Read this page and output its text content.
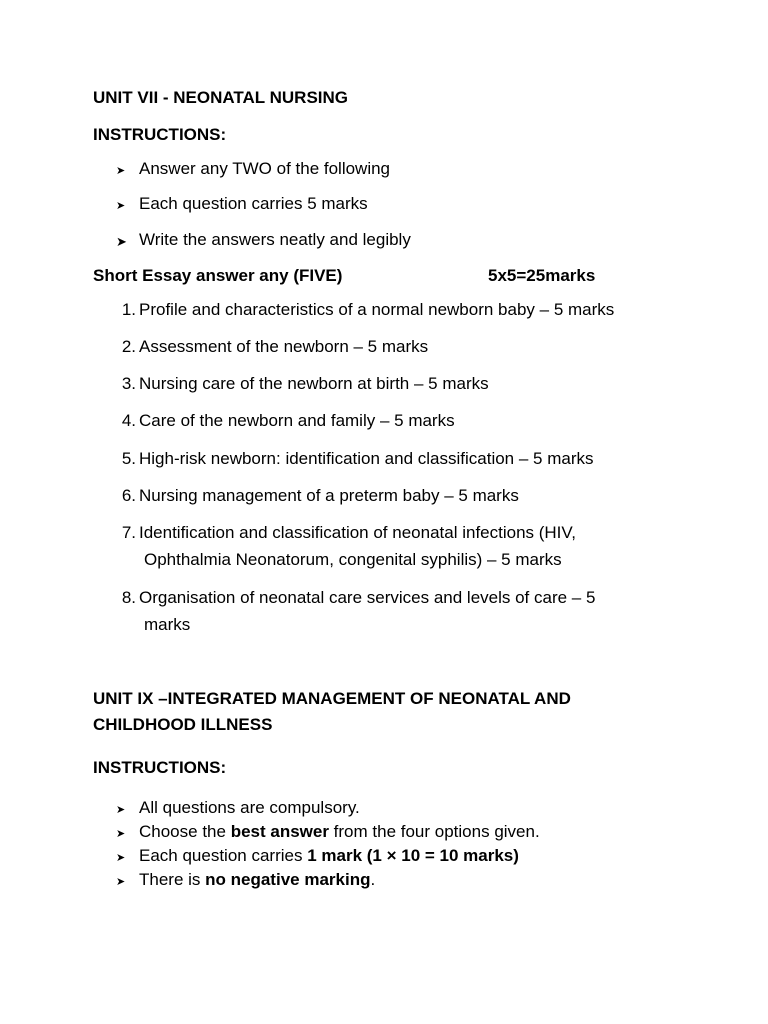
UNIT VII - NEONATAL NURSING
INSTRUCTIONS:
➤ Answer any TWO of the following
➤ Each question carries 5 marks
➤ Write the answers neatly and legibly
Short Essay answer any (FIVE)	5x5=25marks
1. Profile and characteristics of a normal newborn baby – 5 marks
2. Assessment of the newborn – 5 marks
3. Nursing care of the newborn at birth – 5 marks
4. Care of the newborn and family – 5 marks
5. High-risk newborn: identification and classification – 5 marks
6. Nursing management of a preterm baby – 5 marks
7. Identification and classification of neonatal infections (HIV,
Ophthalmia Neonatorum, congenital syphilis) – 5 marks
8. Organisation of neonatal care services and levels of care – 5
marks
UNIT IX –INTEGRATED MANAGEMENT OF NEONATAL AND
CHILDHOOD ILLNESS
INSTRUCTIONS:
➤ All questions are compulsory.
➤ Choose the best answer from the four options given.
➤ Each question carries 1 mark (1 × 10 = 10 marks)
➤ There is no negative marking.
